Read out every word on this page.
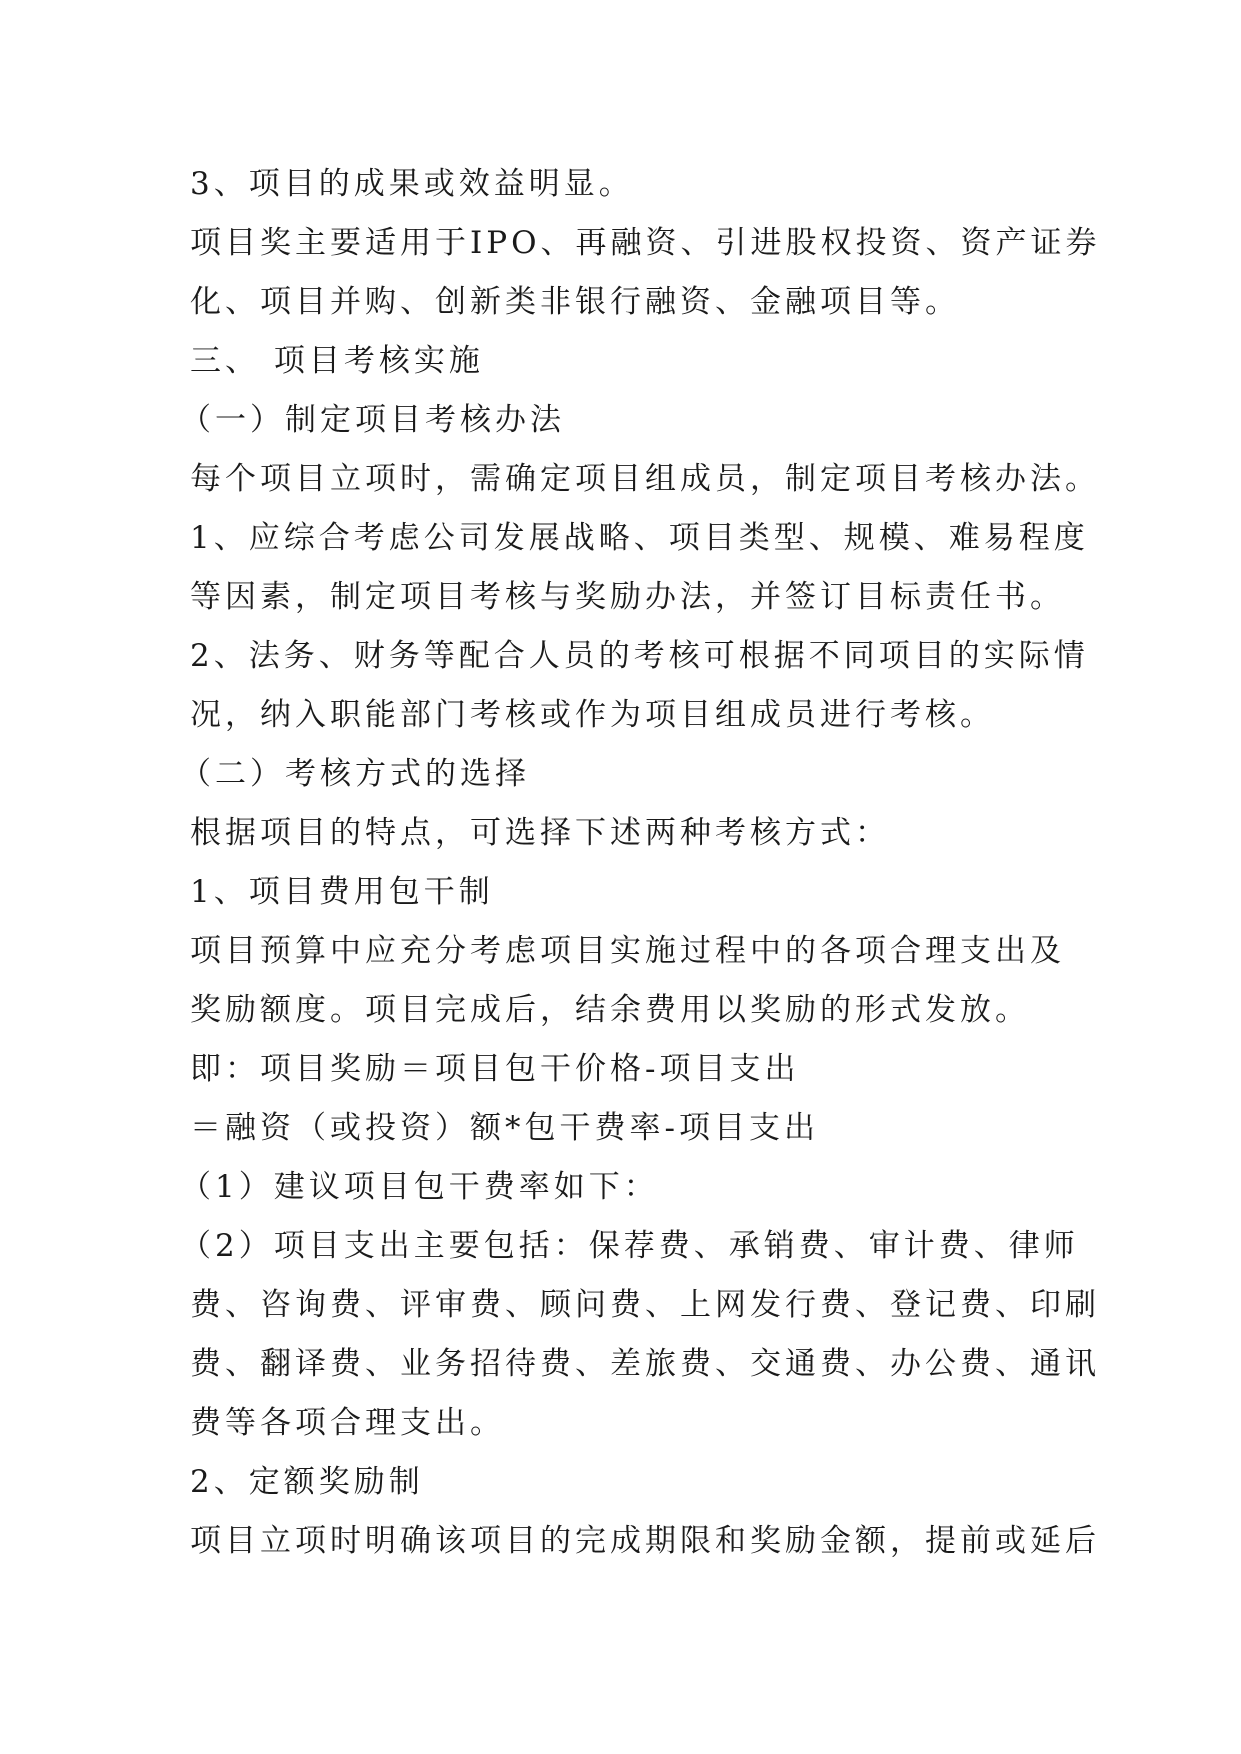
3、项目的成果或效益明显。
项目奖主要适用于IPO、再融资、引进股权投资、资产证券
化、项目并购、创新类非银行融资、金融项目等。
三、 项目考核实施
（一）制定项目考核办法
每个项目立项时，需确定项目组成员，制定项目考核办法。
1、应综合考虑公司发展战略、项目类型、规模、难易程度
等因素，制定项目考核与奖励办法，并签订目标责任书。
2、法务、财务等配合人员的考核可根据不同项目的实际情
况，纳入职能部门考核或作为项目组成员进行考核。
（二）考核方式的选择
根据项目的特点，可选择下述两种考核方式：
1、项目费用包干制
项目预算中应充分考虑项目实施过程中的各项合理支出及
奖励额度。项目完成后，结余费用以奖励的形式发放。
即：项目奖励＝项目包干价格-项目支出
＝融资（或投资）额*包干费率-项目支出
（1）建议项目包干费率如下：
（2）项目支出主要包括：保荐费、承销费、审计费、律师
费、咨询费、评审费、顾问费、上网发行费、登记费、印刷
费、翻译费、业务招待费、差旅费、交通费、办公费、通讯
费等各项合理支出。
2、定额奖励制
项目立项时明确该项目的完成期限和奖励金额，提前或延后
